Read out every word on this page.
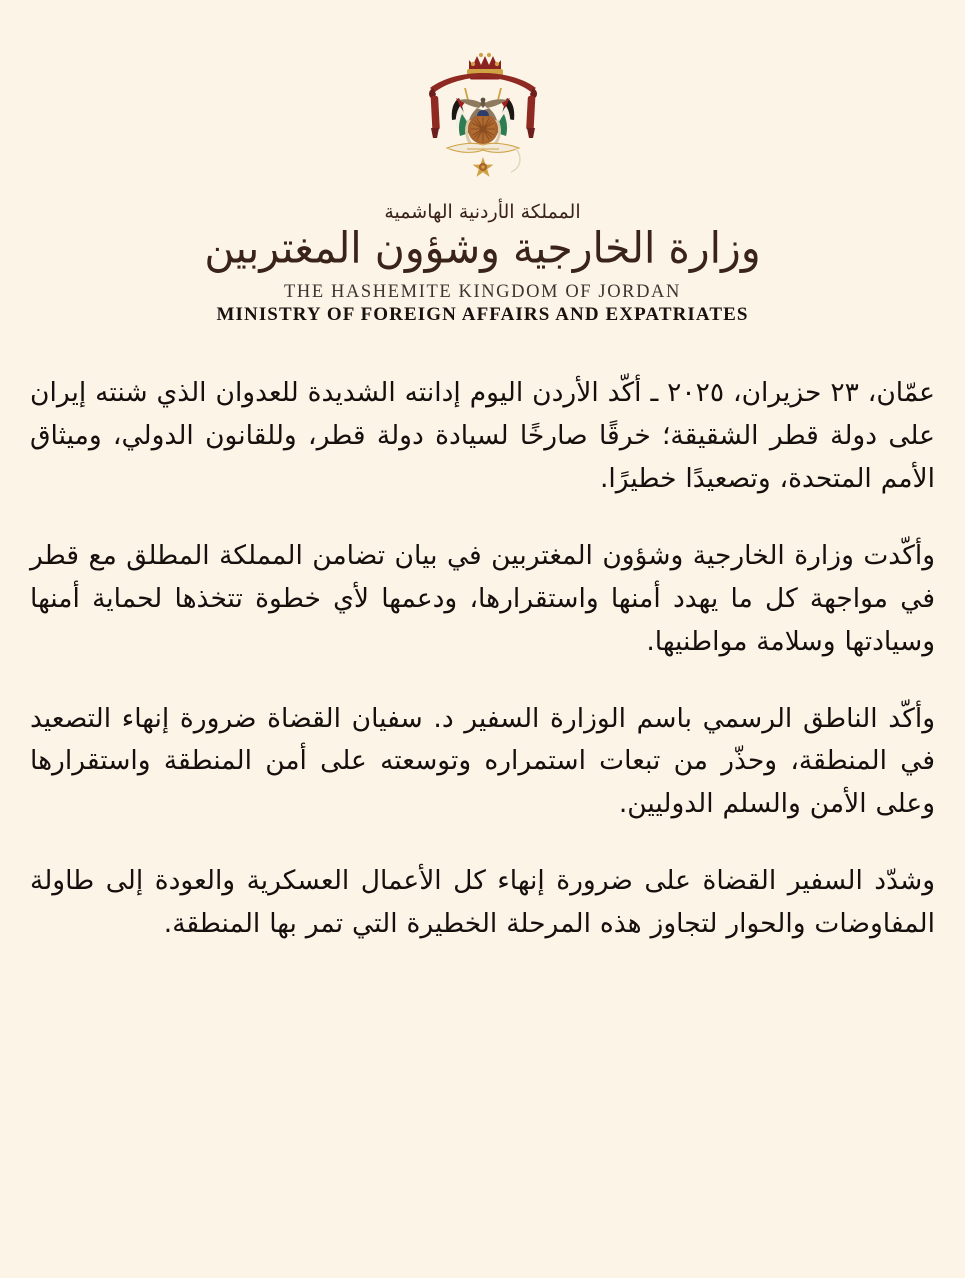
المملكة الأردنية الهاشمية
وزارة الخارجية وشؤون المغتربين
THE HASHEMITE KINGDOM OF JORDAN
MINISTRY OF FOREIGN AFFAIRS AND EXPATRIATES

عمّان، ٢٣ حزيران، ٢٠٢٥ ـ أكّد الأردن اليوم إدانته الشديدة للعدوان الذي شنته إيران على دولة قطر الشقيقة؛ خرقًا صارخًا لسيادة دولة قطر، وللقانون الدولي، وميثاق الأمم المتحدة، وتصعيدًا خطيرًا.

وأكّدت وزارة الخارجية وشؤون المغتربين في بيان تضامن المملكة المطلق مع قطر في مواجهة كل ما يهدد أمنها واستقرارها، ودعمها لأي خطوة تتخذها لحماية أمنها وسيادتها وسلامة مواطنيها.

وأكّد الناطق الرسمي باسم الوزارة السفير د. سفيان القضاة ضرورة إنهاء التصعيد في المنطقة، وحذّر من تبعات استمراره وتوسعته على أمن المنطقة واستقرارها وعلى الأمن والسلم الدوليين.

وشدّد السفير القضاة على ضرورة إنهاء كل الأعمال العسكرية والعودة إلى طاولة المفاوضات والحوار لتجاوز هذه المرحلة الخطيرة التي تمر بها المنطقة.
